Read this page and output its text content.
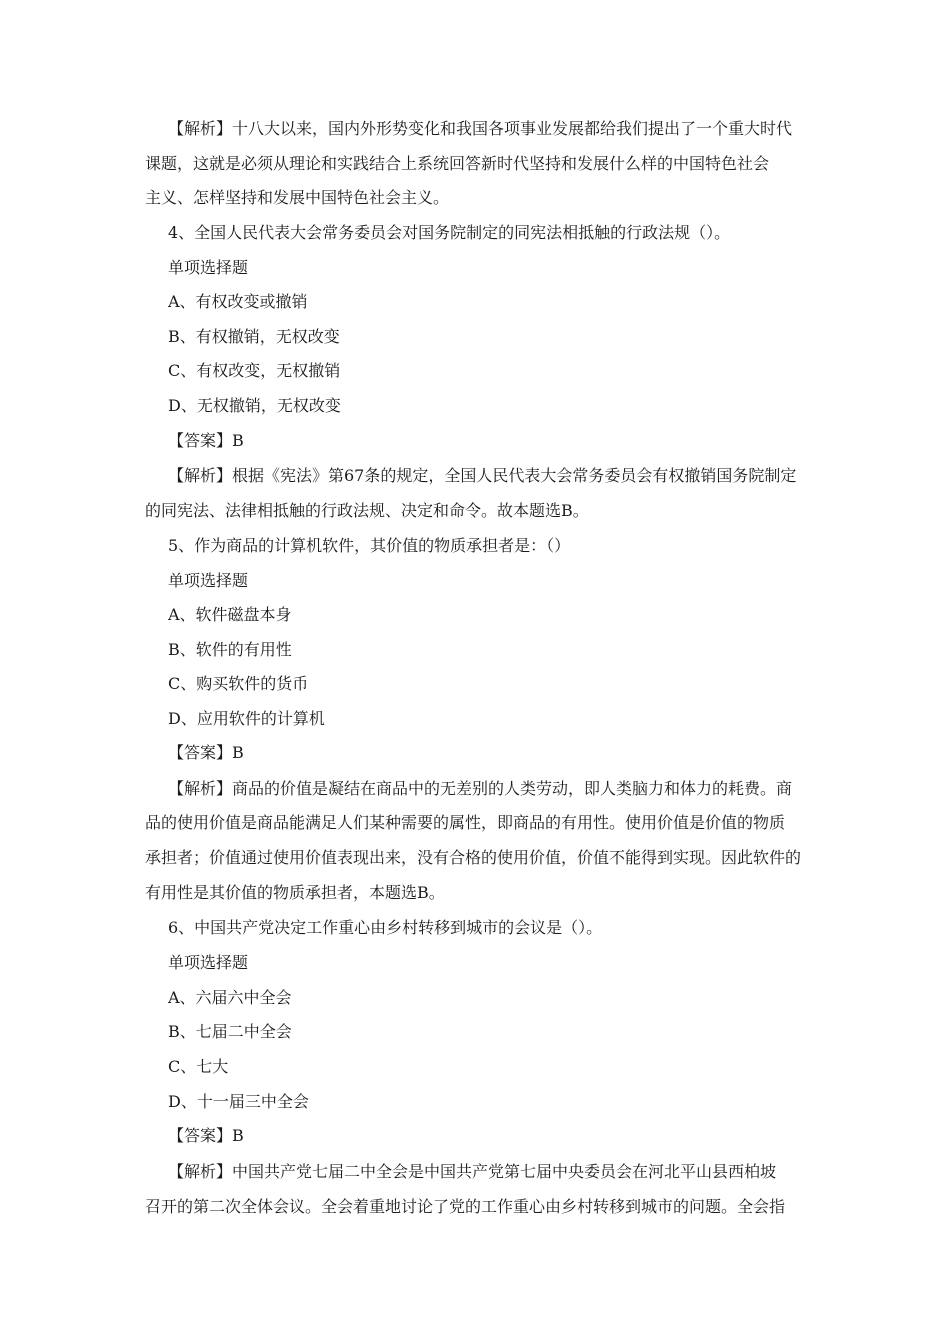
【解析】十八大以来，国内外形势变化和我国各项事业发展都给我们提出了一个重大时代
课题，这就是必须从理论和实践结合上系统回答新时代坚持和发展什么样的中国特色社会
主义、怎样坚持和发展中国特色社会主义。
4、全国人民代表大会常务委员会对国务院制定的同宪法相抵触的行政法规（）。
单项选择题
A、有权改变或撤销
B、有权撤销，无权改变
C、有权改变，无权撤销
D、无权撤销，无权改变
【答案】B
【解析】根据《宪法》第67条的规定，全国人民代表大会常务委员会有权撤销国务院制定
的同宪法、法律相抵触的行政法规、决定和命令。故本题选B。
5、作为商品的计算机软件，其价值的物质承担者是：（）
单项选择题
A、软件磁盘本身
B、软件的有用性
C、购买软件的货币
D、应用软件的计算机
【答案】B
【解析】商品的价值是凝结在商品中的无差别的人类劳动，即人类脑力和体力的耗费。商
品的使用价值是商品能满足人们某种需要的属性，即商品的有用性。使用价值是价值的物质
承担者；价值通过使用价值表现出来，没有合格的使用价值，价值不能得到实现。因此软件的
有用性是其价值的物质承担者，本题选B。
6、中国共产党决定工作重心由乡村转移到城市的会议是（）。
单项选择题
A、六届六中全会
B、七届二中全会
C、七大
D、十一届三中全会
【答案】B
【解析】中国共产党七届二中全会是中国共产党第七届中央委员会在河北平山县西柏坡
召开的第二次全体会议。全会着重地讨论了党的工作重心由乡村转移到城市的问题。全会指
